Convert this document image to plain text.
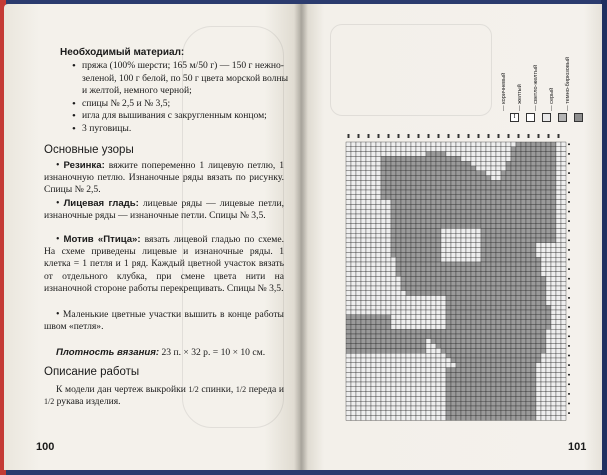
Необходимый материал:
• пряжа (100% шерсти; 165 м/50 г) — 150 г нежно-зеленой, 100 г белой, по 50 г цвета морской волны и желтой, немного черной;
• спицы № 2,5 и № 3,5;
• игла для вышивания с закругленным концом;
• 3 пуговицы.
Основные узоры
• Резинка: вяжите попеременно 1 лицевую петлю, 1 изнаночную петлю. Изнаночные ряды вязать по рисунку. Спицы № 2,5.
• Лицевая гладь: лицевые ряды — лицевые петли, изнаночные ряды — изнаночные петли. Спицы № 3,5.
• Мотив «Птица»: вязать лицевой гладью по схеме. На схеме приведены лицевые и изнаночные ряды. 1 клетка = 1 петля и 1 ряд. Каждый цветной участок вязать от отдельного клубка, при смене цвета нити на изнаночной стороне работы перекрещивать. Спицы № 3,5.
• Маленькие цветные участки вышить в конце работы швом «петля».
Плотность вязания: 23 п. × 32 р. = 10 × 10 см.
Описание работы
К модели дан чертеж выкройки 1/2 спинки, 1/2 переда и 1/2 рукава изделия.
100
— коричневый
I
— желтый — светло-желтый — серый — темно-бирюзовый
101
